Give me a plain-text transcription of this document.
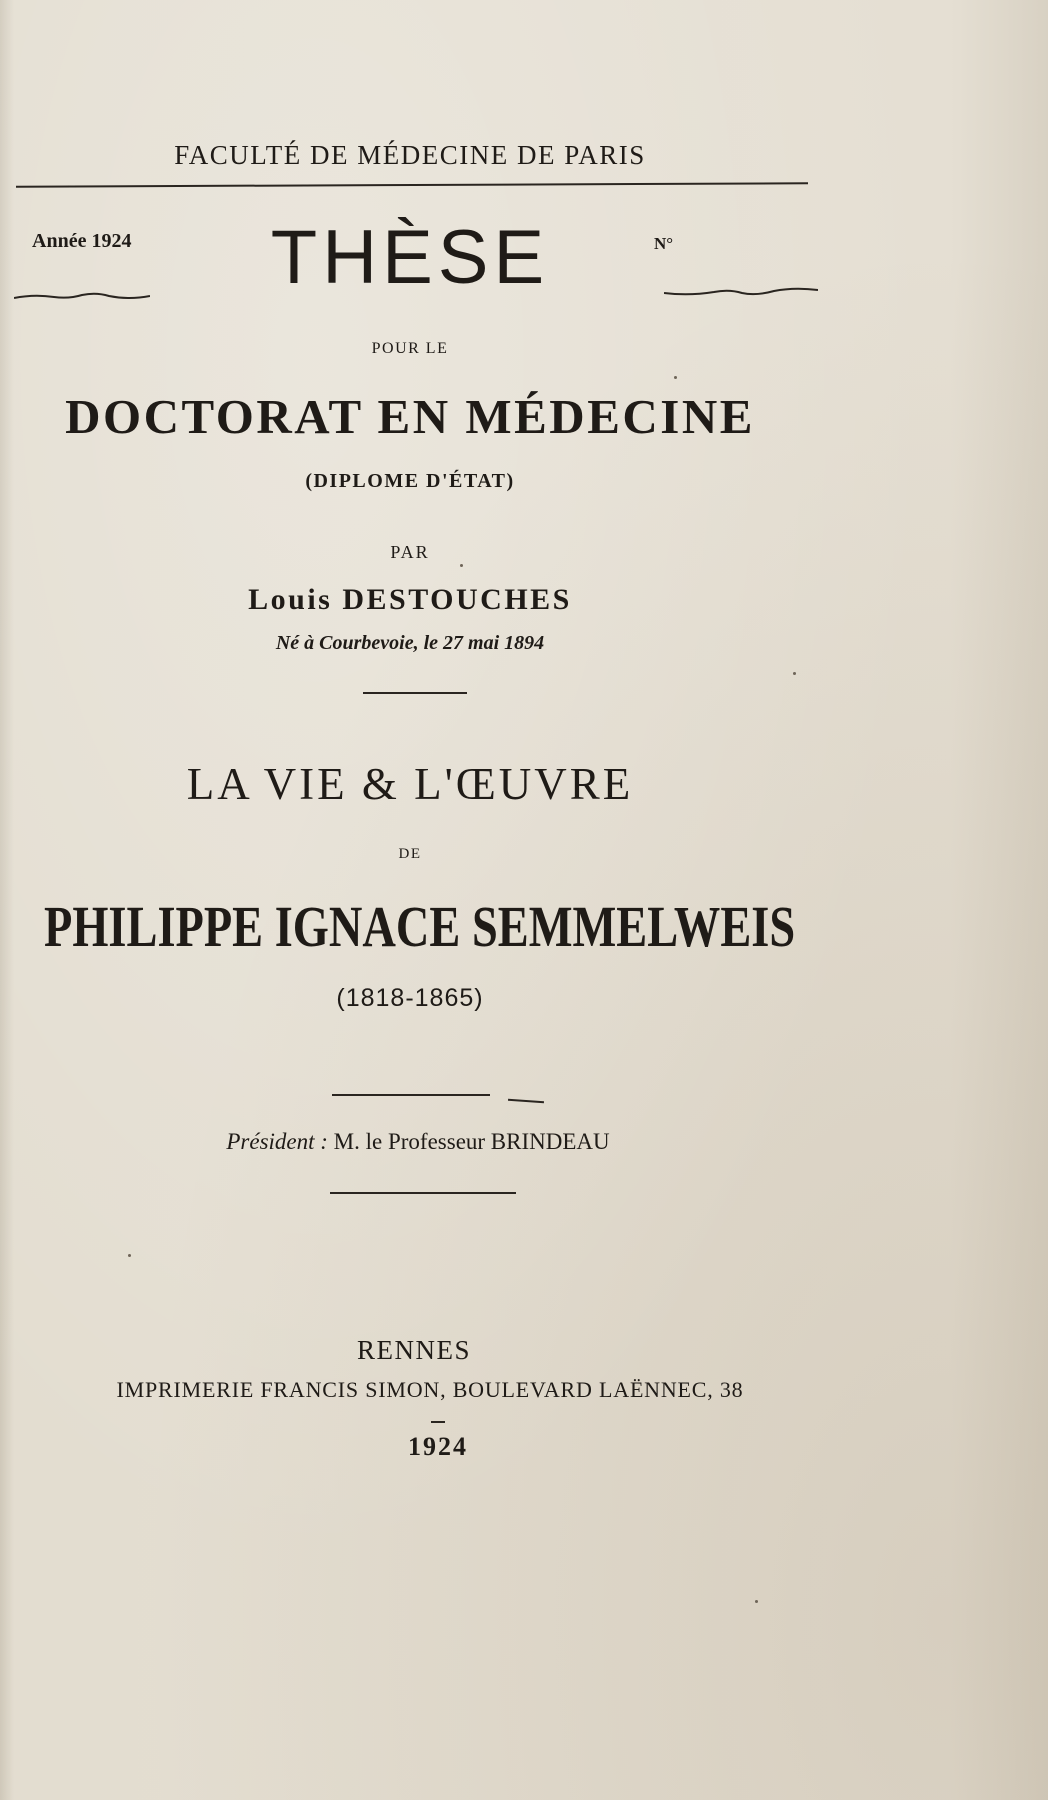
FACULTÉ DE MÉDECINE DE PARIS
Année 1924	N°
THÈSE
POUR LE
DOCTORAT EN MÉDECINE
(DIPLOME D'ÉTAT)
PAR
Louis DESTOUCHES
Né à Courbevoie, le 27 mai 1894
LA VIE & L'ŒUVRE
DE
PHILIPPE IGNACE SEMMELWEIS
(1818-1865)
Président : M. le Professeur BRINDEAU
RENNES
IMPRIMERIE FRANCIS SIMON, BOULEVARD LAËNNEC, 38
1924
